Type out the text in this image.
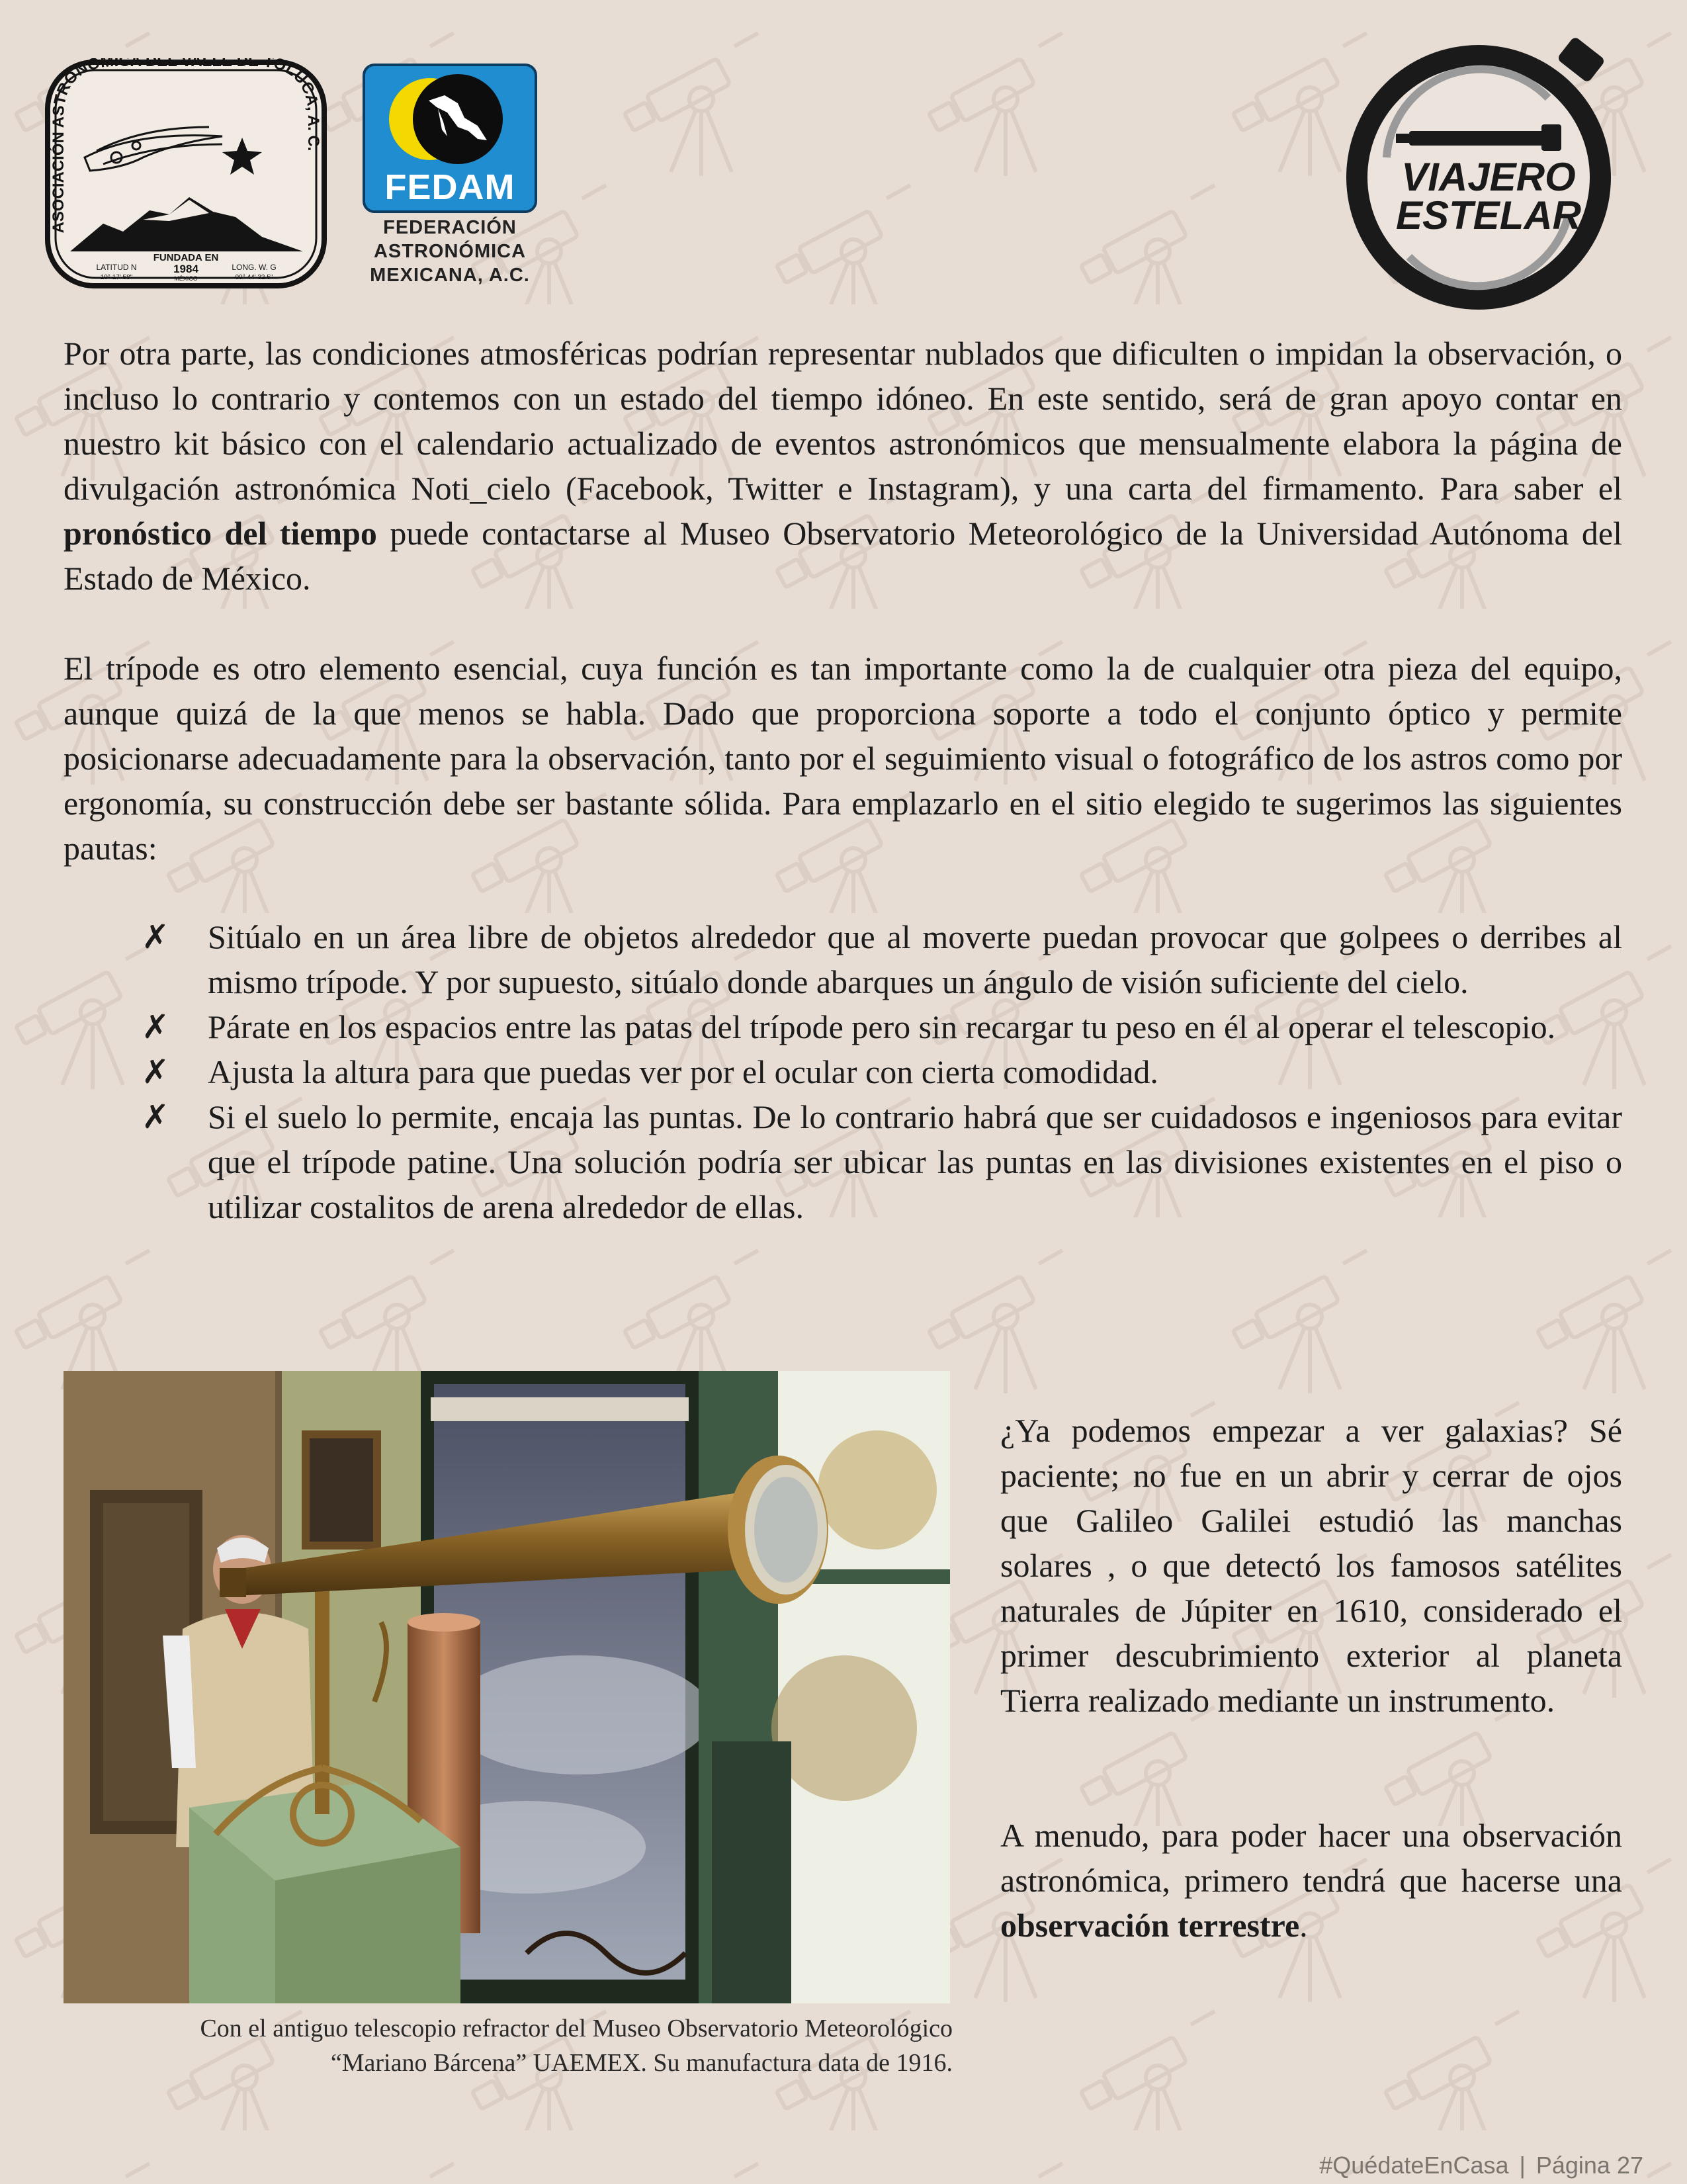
ASOCIACIÓN ASTRONÓMICA DEL VALLE DE TOLUCA, A. C.
FUNDADA EN
1984
MÉXICO
LATITUD N
19° 17' 58"
LONG. W. G
99° 44' 32.5"
FEDAM
FEDERACIÓN
ASTRONÓMICA
MEXICANA, A.C.
VIAJERO
ESTELAR

Por otra parte, las condiciones atmosféricas podrían representar nublados que dificulten o impidan la observación, o incluso lo contrario y contemos con un estado del tiempo idóneo. En este sentido, será de gran apoyo contar en nuestro kit básico con el calendario actualizado de eventos astronómicos que mensualmente elabora la página de divulgación astronómica Noti_cielo (Facebook, Twitter e Instagram), y una carta del firmamento. Para saber el pronóstico del tiempo puede contactarse al Museo Observatorio Meteorológico de la Universidad Autónoma del Estado de México.

El trípode es otro elemento esencial, cuya función es tan importante como la de cualquier otra pieza del equipo, aunque quizá de la que menos se habla. Dado que proporciona soporte a todo el conjunto óptico y permite posicionarse adecuadamente para la observación, tanto por el seguimiento visual o fotográfico de los astros como por ergonomía, su construcción debe ser bastante sólida. Para emplazarlo en el sitio elegido te sugerimos las siguientes pautas:

✗ Sitúalo en un área libre de objetos alrededor que al moverte puedan provocar que golpees o derribes al mismo trípode. Y por supuesto, sitúalo donde abarques un ángulo de visión suficiente del cielo.
✗ Párate en los espacios entre las patas del trípode pero sin recargar tu peso en él al operar el telescopio.
✗ Ajusta la altura para que puedas ver por el ocular con cierta comodidad.
✗ Si el suelo lo permite, encaja las puntas. De lo contrario habrá que ser cuidadosos e ingeniosos para evitar que el trípode patine. Una solución podría ser ubicar las puntas en las divisiones existentes en el piso o utilizar costalitos de arena alrededor de ellas.
Con el antiguo telescopio refractor del Museo Observatorio Meteorológico
“Mariano Bárcena” UAEMEX. Su manufactura data de 1916.

¿Ya podemos empezar a ver galaxias? Sé paciente; no fue en un abrir y cerrar de ojos que Galileo Galilei estudió las manchas solares , o que detectó los famosos satélites naturales de Júpiter en 1610, considerado el primer descubrimiento exterior al planeta Tierra realizado mediante un instrumento.

A menudo, para poder hacer una observación astronómica, primero tendrá que hacerse una observación terrestre.

#QuédateEnCasa | Página 27
